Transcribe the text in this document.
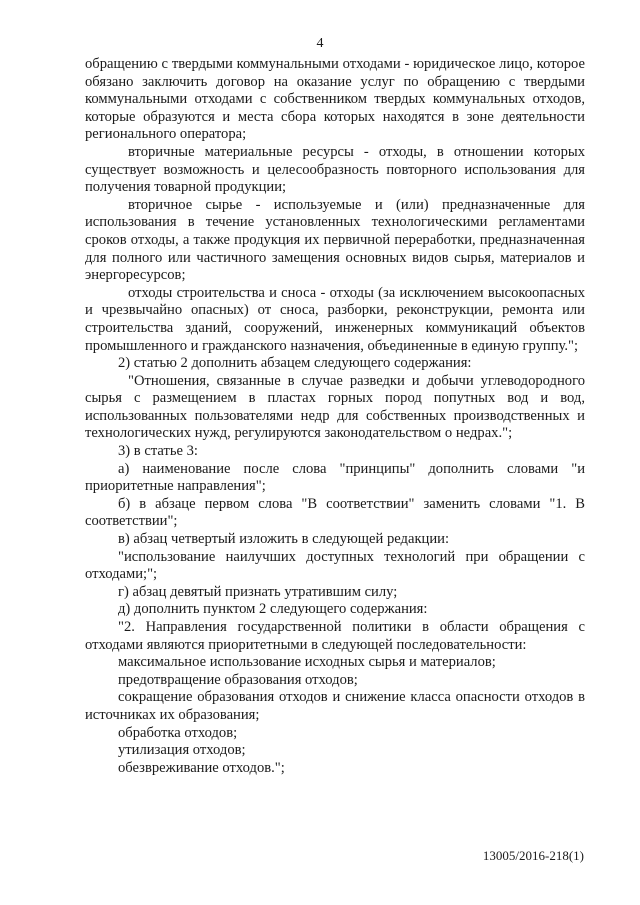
4

обращению с твердыми коммунальными отходами - юридическое лицо, которое обязано заключить договор на оказание услуг по обращению с твердыми коммунальными отходами с собственником твердых коммунальных отходов, которые образуются и места сбора которых находятся в зоне деятельности регионального оператора;

вторичные материальные ресурсы - отходы, в отношении которых существует возможность и целесообразность повторного использования для получения товарной продукции;

вторичное сырье - используемые и (или) предназначенные для использования в течение установленных технологическими регламентами сроков отходы, а также продукция их первичной переработки, предназначенная для полного или частичного замещения основных видов сырья, материалов и энергоресурсов;

отходы строительства и сноса - отходы (за исключением высокоопасных и чрезвычайно опасных) от сноса, разборки, реконструкции, ремонта или строительства зданий, сооружений, инженерных коммуникаций объектов промышленного и гражданского назначения, объединенные в единую группу.";

2) статью 2 дополнить абзацем следующего содержания:

"Отношения, связанные в случае разведки и добычи углеводородного сырья с размещением в пластах горных пород попутных вод и вод, использованных пользователями недр для собственных производственных и технологических нужд, регулируются законодательством о недрах.";

3) в статье 3:

а) наименование после слова "принципы" дополнить словами "и приоритетные направления";

б) в абзаце первом слова "В соответствии" заменить словами "1. В соответствии";

в) абзац четвертый изложить в следующей редакции:

"использование наилучших доступных технологий при обращении с отходами;";

г) абзац девятый признать утратившим силу;

д) дополнить пунктом 2 следующего содержания:

"2. Направления государственной политики в области обращения с отходами являются приоритетными в следующей последовательности:

максимальное использование исходных сырья и материалов;

предотвращение образования отходов;

сокращение образования отходов и снижение класса опасности отходов в источниках их образования;

обработка отходов;

утилизация отходов;

обезвреживание отходов.";

13005/2016-218(1)
